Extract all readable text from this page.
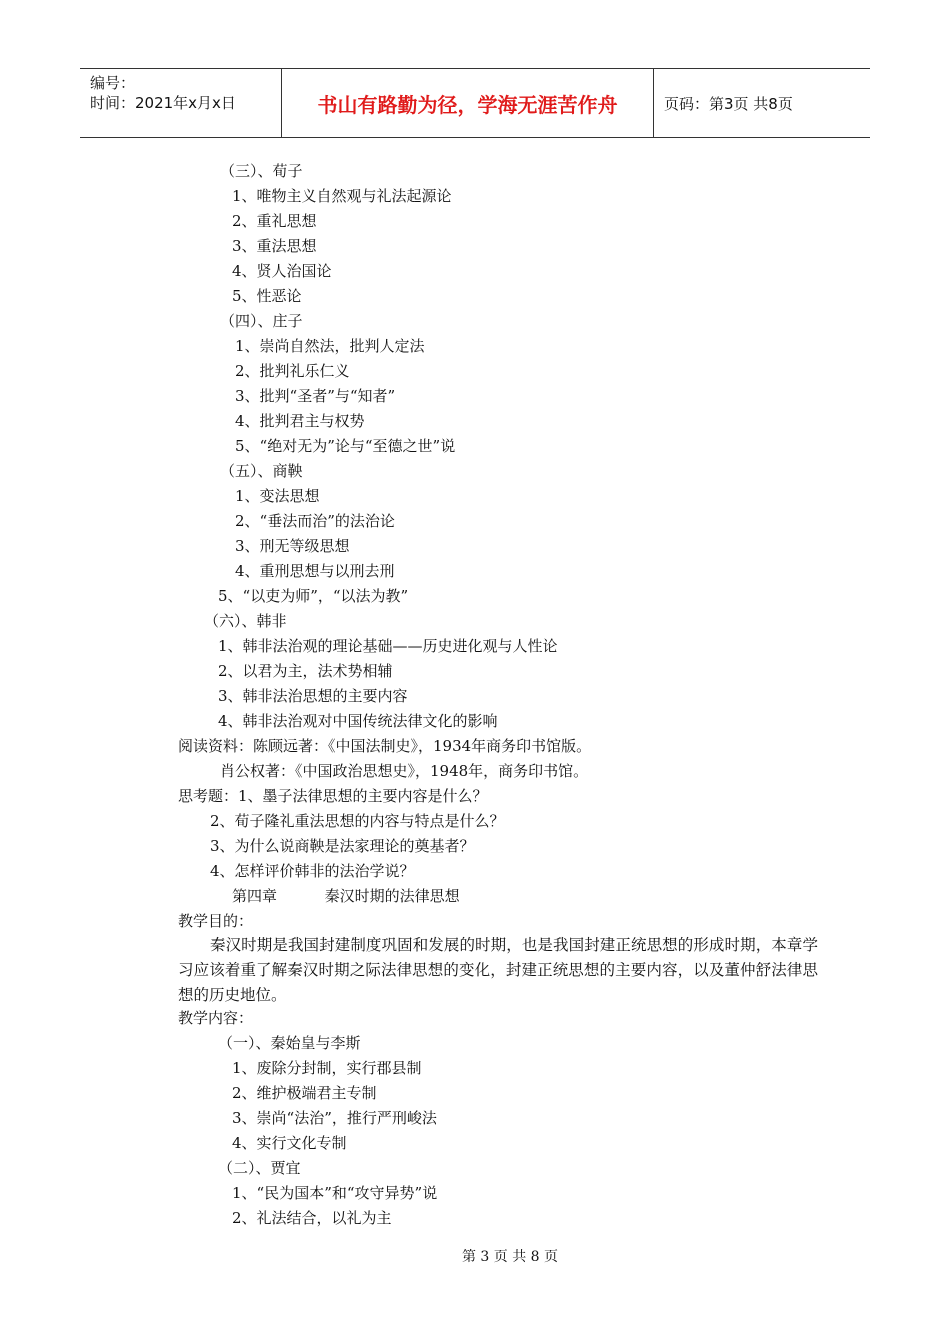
编号：
时间：2021年x月x日	书山有路勤为径，学海无涯苦作舟	页码：第3页 共8页
（三）、荀子
1、唯物主义自然观与礼法起源论
2、重礼思想
3、重法思想
4、贤人治国论
5、性恶论
（四）、庄子
1、崇尚自然法，批判人定法
2、批判礼乐仁义
3、批判“圣者”与“知者”
4、批判君主与权势
5、“绝对无为”论与“至德之世”说
（五）、商鞅
1、变法思想
2、“垂法而治”的法治论
3、刑无等级思想
4、重刑思想与以刑去刑
5、“以吏为师”，“以法为教”
（六）、韩非
1、韩非法治观的理论基础——历史进化观与人性论
2、以君为主，法术势相辅
3、韩非法治思想的主要内容
4、韩非法治观对中国传统法律文化的影响
阅读资料：陈顾远著：《中国法制史》，1934年商务印书馆版。
肖公权著：《中国政治思想史》，1948年，商务印书馆。
思考题：1、墨子法律思想的主要内容是什么？
2、荀子隆礼重法思想的内容与特点是什么？
3、为什么说商鞅是法家理论的奠基者？
4、怎样评价韩非的法治学说？
第四章          秦汉时期的法律思想
教学目的：
秦汉时期是我国封建制度巩固和发展的时期，也是我国封建正统思想的形成时期，本章学习应该着重了解秦汉时期之际法律思想的变化，封建正统思想的主要内容，以及董仲舒法律思想的历史地位。
教学内容：
（一）、秦始皇与李斯
1、废除分封制，实行郡县制
2、维护极端君主专制
3、崇尚“法治”，推行严刑峻法
4、实行文化专制
（二）、贾宜
1、“民为国本”和“攻守异势”说
2、礼法结合，以礼为主
第 3 页 共 8 页
